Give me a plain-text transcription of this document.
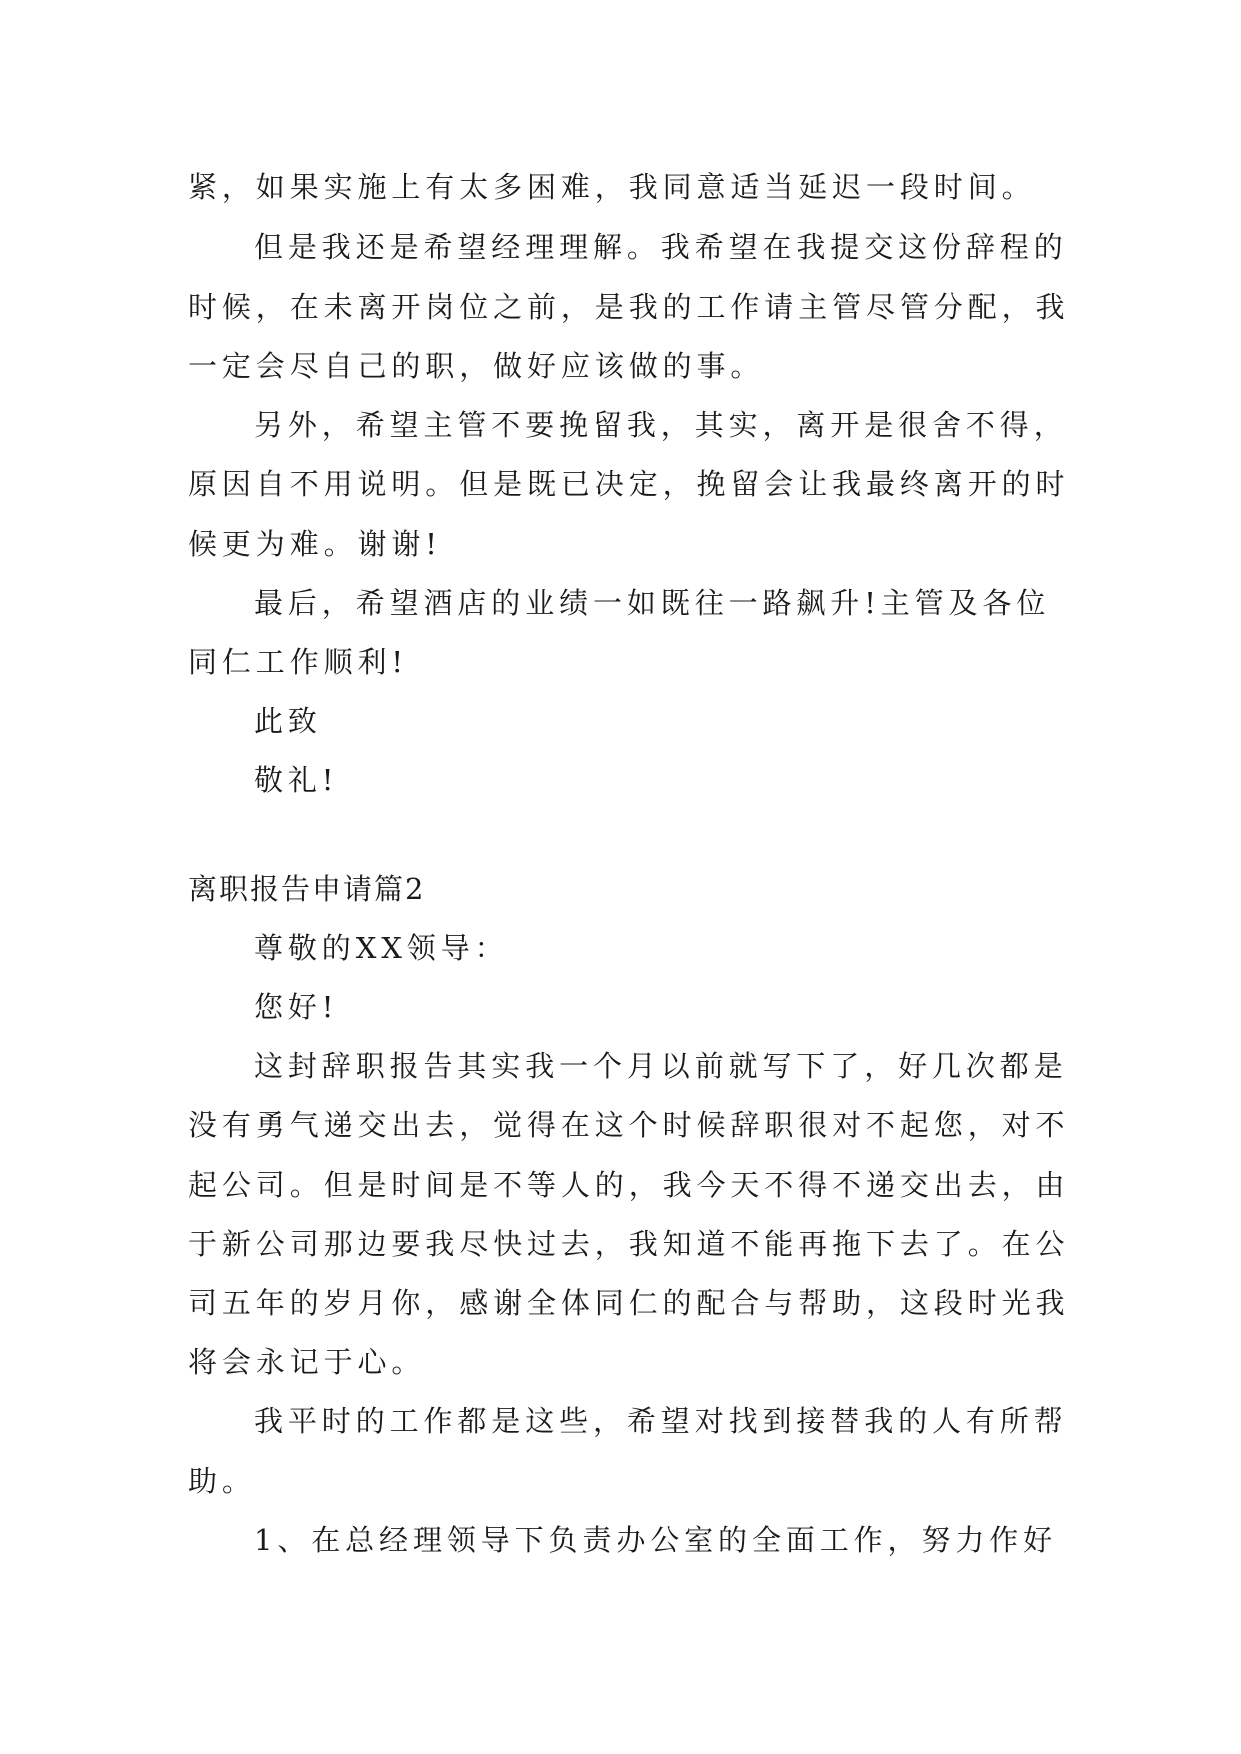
紧，如果实施上有太多困难，我同意适当延迟一段时间。
但是我还是希望经理理解。我希望在我提交这份辞程的
时候，在未离开岗位之前，是我的工作请主管尽管分配，我
一定会尽自己的职，做好应该做的事。
另外，希望主管不要挽留我，其实，离开是很舍不得，
原因自不用说明。但是既已决定，挽留会让我最终离开的时
候更为难。谢谢!
最后，希望酒店的业绩一如既往一路飙升!主管及各位
同仁工作顺利!
此致
敬礼!
离职报告申请篇2
尊敬的XX领导：
您好!
这封辞职报告其实我一个月以前就写下了，好几次都是
没有勇气递交出去，觉得在这个时候辞职很对不起您，对不
起公司。但是时间是不等人的，我今天不得不递交出去，由
于新公司那边要我尽快过去，我知道不能再拖下去了。在公
司五年的岁月你，感谢全体同仁的配合与帮助，这段时光我
将会永记于心。
我平时的工作都是这些，希望对找到接替我的人有所帮
助。
1、在总经理领导下负责办公室的全面工作，努力作好
